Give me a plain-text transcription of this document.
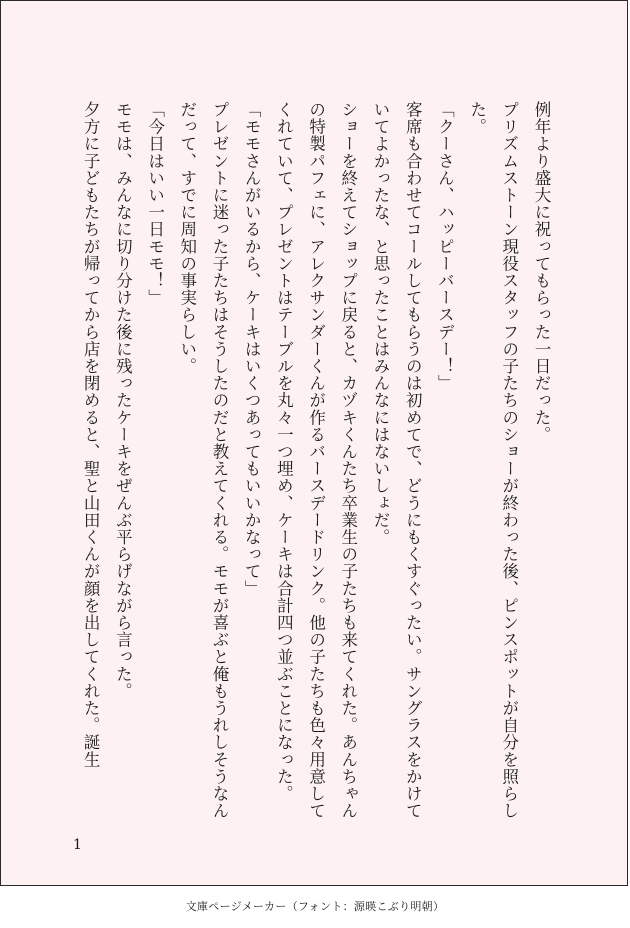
例年より盛大に祝ってもらった一日だった。

プリズムストーン現役スタッフの子たちのショーが終わった後、ピンスポットが自分を照らした。

「クーさん、ハッピーバースデー！」

客席も合わせてコールしてもらうのは初めてで、どうにもくすぐったい。サングラスをかけていてよかったな、と思ったことはみんなにはないしょだ。

ショーを終えてショップに戻ると、カヅキくんたち卒業生の子たちも来てくれた。あんちゃんの特製パフェに、アレクサンダーくんが作るバースデードリンク。他の子たちも色々用意してくれていて、プレゼントはテーブルを丸々一つ埋め、ケーキは合計四つ並ぶことになった。

「モモさんがいるから、ケーキはいくつあってもいいかなって」

プレゼントに迷った子たちはそうしたのだと教えてくれる。モモが喜ぶと俺もうれしそうなんだって、すでに周知の事実らしい。

「今日はいい一日モモ！」

モモは、みんなに切り分けた後に残ったケーキをぜんぶ平らげながら言った。

夕方に子どもたちが帰ってから店を閉めると、聖と山田くんが顔を出してくれた。誕生

1
文庫ページメーカー（フォント：源暎こぶり明朝）
